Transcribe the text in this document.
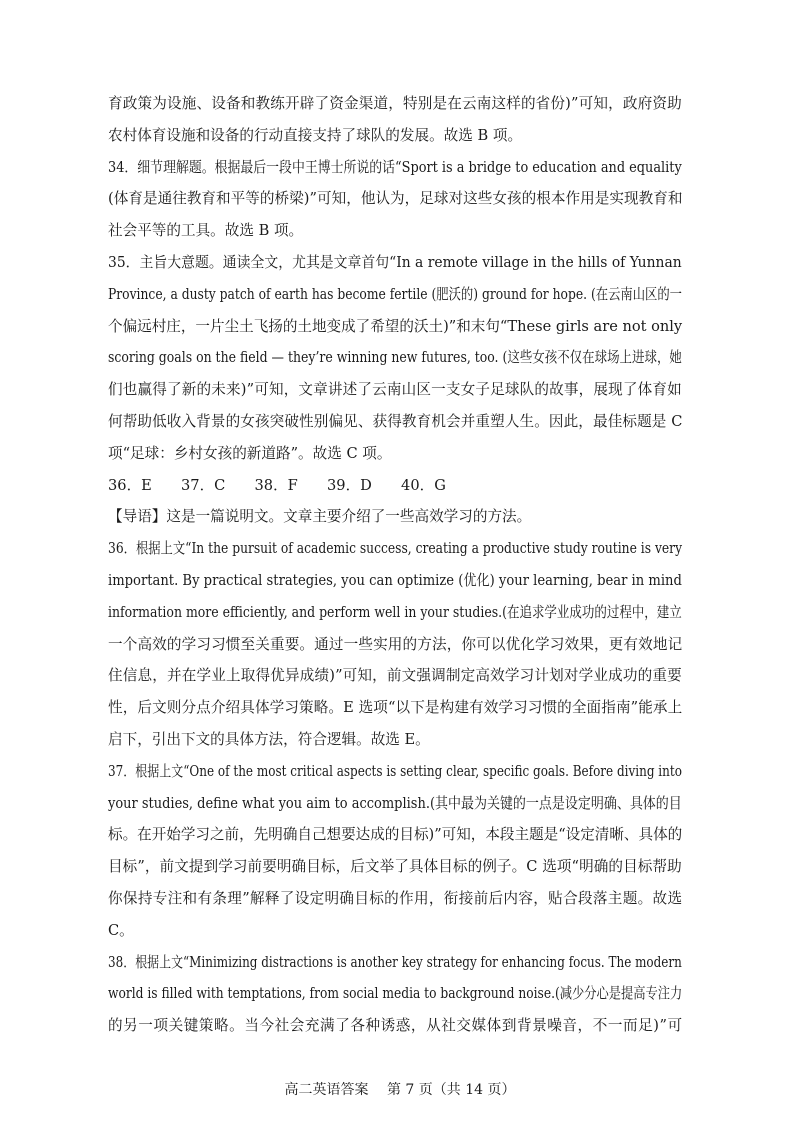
育政策为设施、设备和教练开辟了资金渠道，特别是在云南这样的省份)”可知，政府资助
农村体育设施和设备的行动直接支持了球队的发展。故选 B 项。
34．细节理解题。根据最后一段中王博士所说的话“Sport is a bridge to education and equality
(体育是通往教育和平等的桥梁)”可知，他认为，足球对这些女孩的根本作用是实现教育和
社会平等的工具。故选 B 项。
35．主旨大意题。通读全文，尤其是文章首句“In a remote village in the hills of Yunnan
Province, a dusty patch of earth has become fertile (肥沃的) ground for hope. (在云南山区的一
个偏远村庄，一片尘土飞扬的土地变成了希望的沃土)”和末句“These girls are not only
scoring goals on the field — they’re winning new futures, too. (这些女孩不仅在球场上进球，她
们也赢得了新的未来)”可知，文章讲述了云南山区一支女子足球队的故事，展现了体育如
何帮助低收入背景的女孩突破性别偏见、获得教育机会并重塑人生。因此，最佳标题是 C
项“足球：乡村女孩的新道路”。故选 C 项。
36．E　　37．C　　38．F　　39．D　　40．G
【导语】这是一篇说明文。文章主要介绍了一些高效学习的方法。
36．根据上文“In the pursuit of academic success, creating a productive study routine is very
important. By practical strategies, you can optimize (优化) your learning, bear in mind
information more efficiently, and perform well in your studies.(在追求学业成功的过程中，建立
一个高效的学习习惯至关重要。通过一些实用的方法，你可以优化学习效果，更有效地记
住信息，并在学业上取得优异成绩)”可知，前文强调制定高效学习计划对学业成功的重要
性，后文则分点介绍具体学习策略。E 选项“以下是构建有效学习习惯的全面指南”能承上
启下，引出下文的具体方法，符合逻辑。故选 E。
37．根据上文“One of the most critical aspects is setting clear, specific goals. Before diving into
your studies, define what you aim to accomplish.(其中最为关键的一点是设定明确、具体的目
标。在开始学习之前，先明确自己想要达成的目标)”可知，本段主题是“设定清晰、具体的
目标”，前文提到学习前要明确目标，后文举了具体目标的例子。C 选项“明确的目标帮助
你保持专注和有条理”解释了设定明确目标的作用，衔接前后内容，贴合段落主题。故选
C。
38．根据上文“Minimizing distractions is another key strategy for enhancing focus. The modern
world is filled with temptations, from social media to background noise.(减少分心是提高专注力
的另一项关键策略。当今社会充满了各种诱惑，从社交媒体到背景噪音，不一而足)”可
高二英语答案　 第 7 页（共 14 页）
